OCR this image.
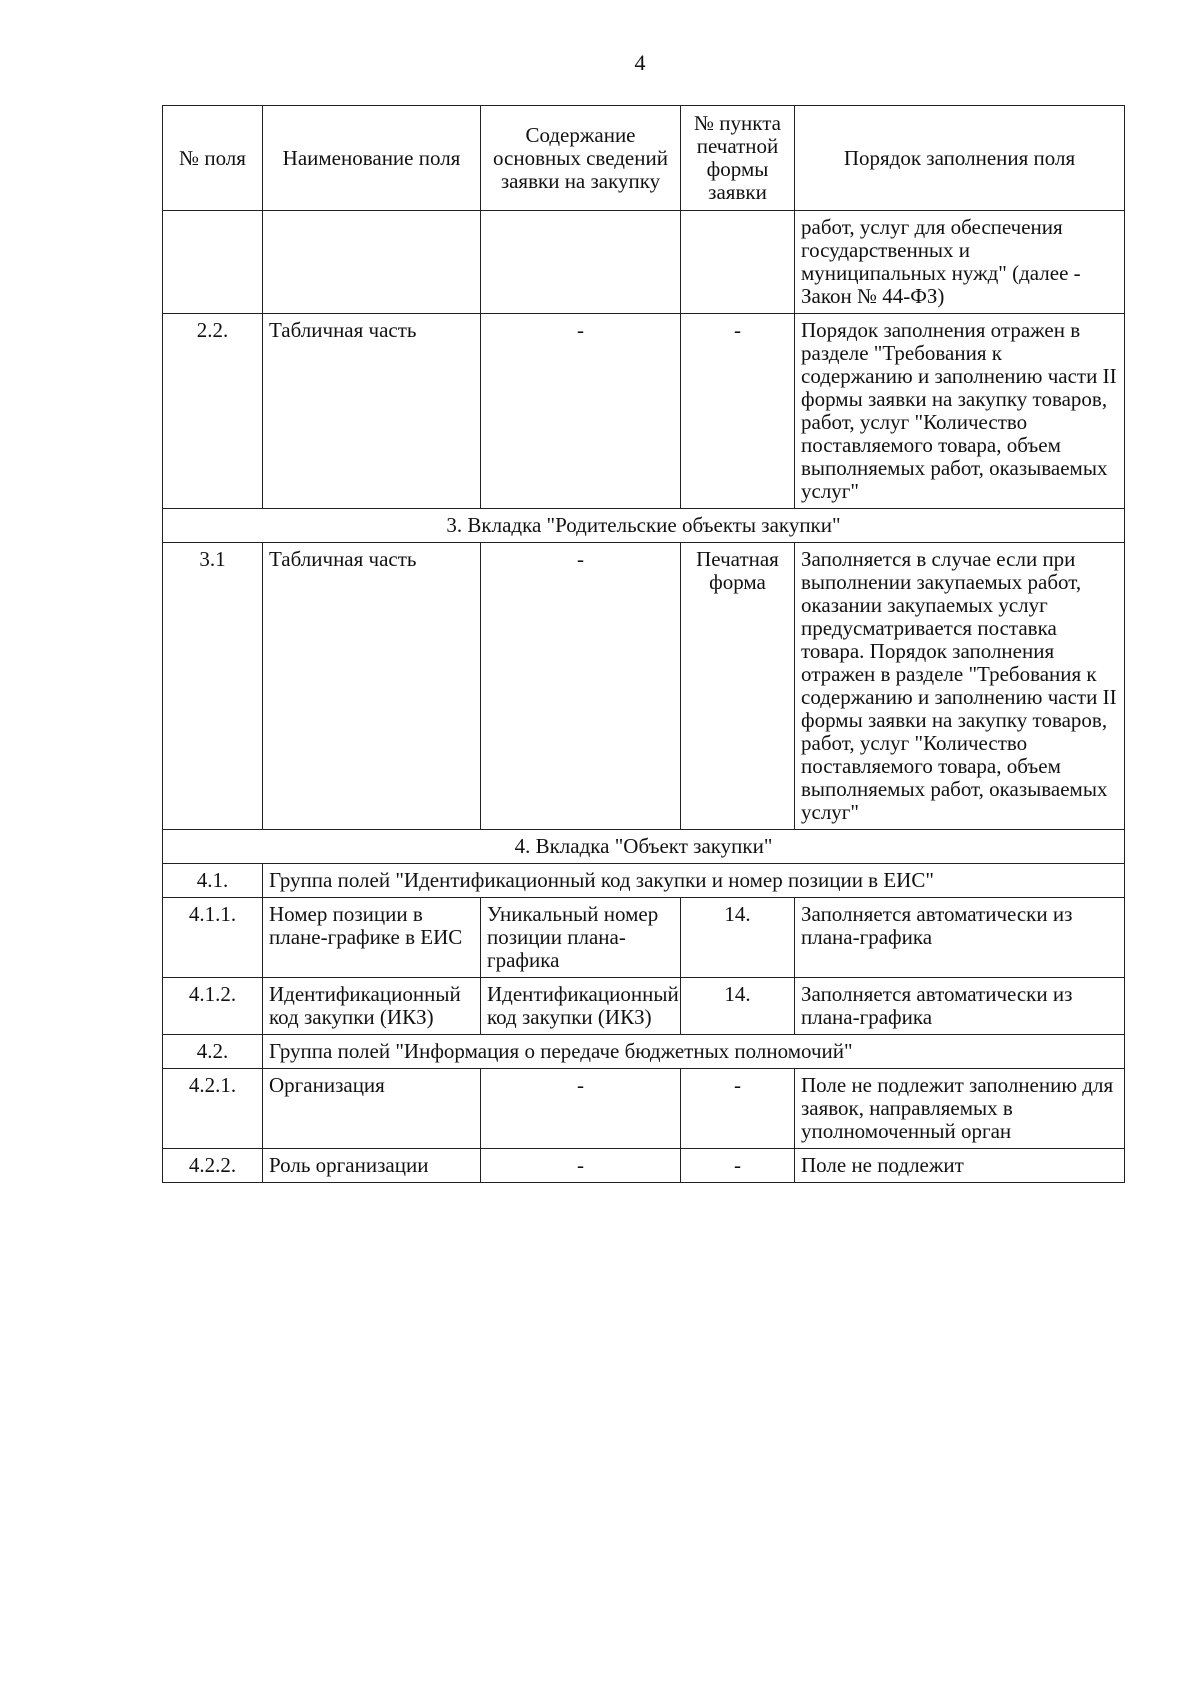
4
№ поля	Наименование поля	Содержание основных сведений заявки на закупку	№ пункта печатной формы заявки	Порядок заполнения поля
				работ, услуг для обеспечения государственных и муниципальных нужд" (далее - Закон № 44-ФЗ)
2.2.	Табличная часть	-	-	Порядок заполнения отражен в разделе "Требования к содержанию и заполнению части II формы заявки на закупку товаров, работ, услуг "Количество поставляемого товара, объем выполняемых работ, оказываемых услуг"
3. Вкладка "Родительские объекты закупки"				
3.1	Табличная часть	-	Печатная форма	Заполняется в случае если при выполнении закупаемых работ, оказании закупаемых услуг предусматривается поставка товара. Порядок заполнения отражен в разделе "Требования к содержанию и заполнению части II формы заявки на закупку товаров, работ, услуг "Количество поставляемого товара, объем выполняемых работ, оказываемых услуг"
4. Вкладка "Объект закупки"				
4.1.	Группа полей "Идентификационный код закупки и номер позиции в ЕИС"			
4.1.1.	Номер позиции в плане-графике в ЕИС	Уникальный номер позиции плана-графика	14.	Заполняется автоматически из плана-графика
4.1.2.	Идентификационный код закупки (ИКЗ)	Идентификационный код закупки (ИКЗ)	14.	Заполняется автоматически из плана-графика
4.2.	Группа полей "Информация о передаче бюджетных полномочий"			
4.2.1.	Организация	-	-	Поле не подлежит заполнению для заявок, направляемых в уполномоченный орган
4.2.2.	Роль организации	-	-	Поле не подлежит
